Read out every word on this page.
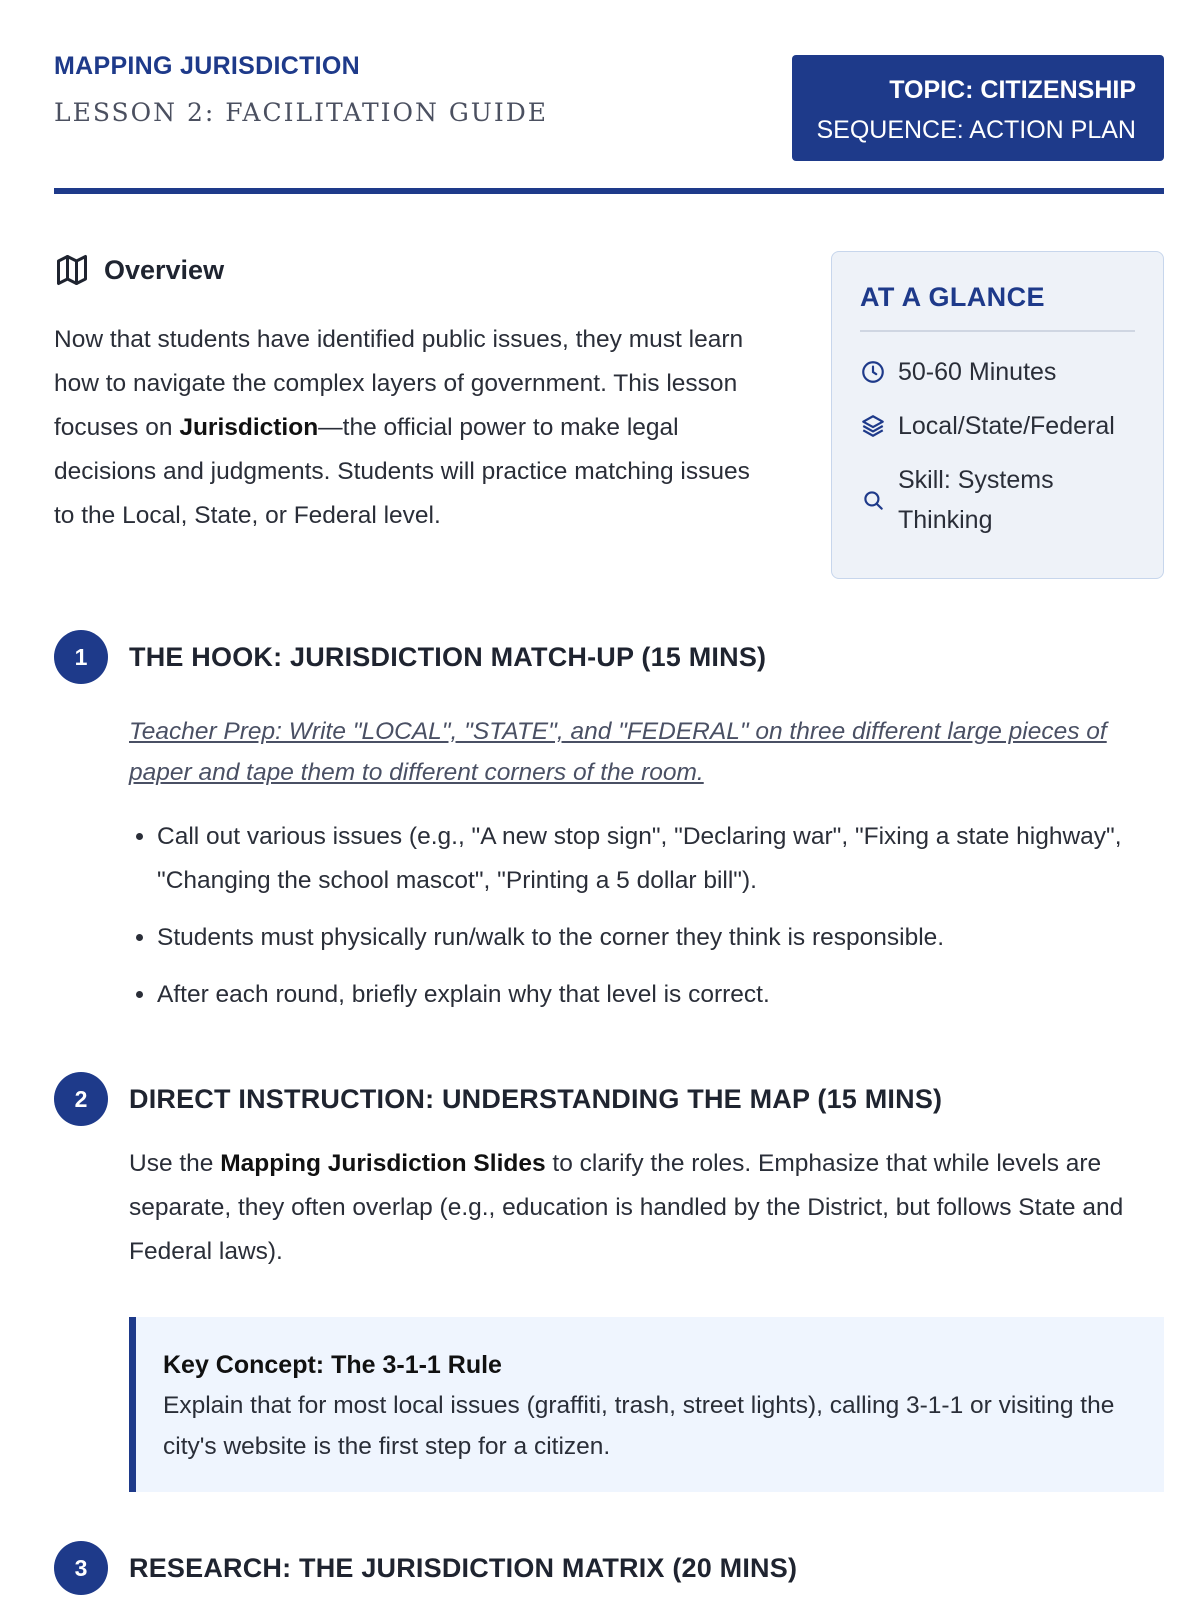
MAPPING JURISDICTION
LESSON 2: FACILITATION GUIDE
TOPIC: CITIZENSHIP
SEQUENCE: ACTION PLAN
Overview
Now that students have identified public issues, they must learn how to navigate the complex layers of government. This lesson focuses on Jurisdiction—the official power to make legal decisions and judgments. Students will practice matching issues to the Local, State, or Federal level.
AT A GLANCE
50-60 Minutes
Local/State/Federal
Skill: Systems Thinking
1	THE HOOK: JURISDICTION MATCH-UP (15 MINS)
Teacher Prep: Write "LOCAL", "STATE", and "FEDERAL" on three different large pieces of paper and tape them to different corners of the room.
• Call out various issues (e.g., "A new stop sign", "Declaring war", "Fixing a state highway", "Changing the school mascot", "Printing a 5 dollar bill").
• Students must physically run/walk to the corner they think is responsible.
• After each round, briefly explain why that level is correct.
2	DIRECT INSTRUCTION: UNDERSTANDING THE MAP (15 MINS)
Use the Mapping Jurisdiction Slides to clarify the roles. Emphasize that while levels are separate, they often overlap (e.g., education is handled by the District, but follows State and Federal laws).
Key Concept: The 3-1-1 Rule
Explain that for most local issues (graffiti, trash, street lights), calling 3-1-1 or visiting the city's website is the first step for a citizen.
3	RESEARCH: THE JURISDICTION MATRIX (20 MINS)
